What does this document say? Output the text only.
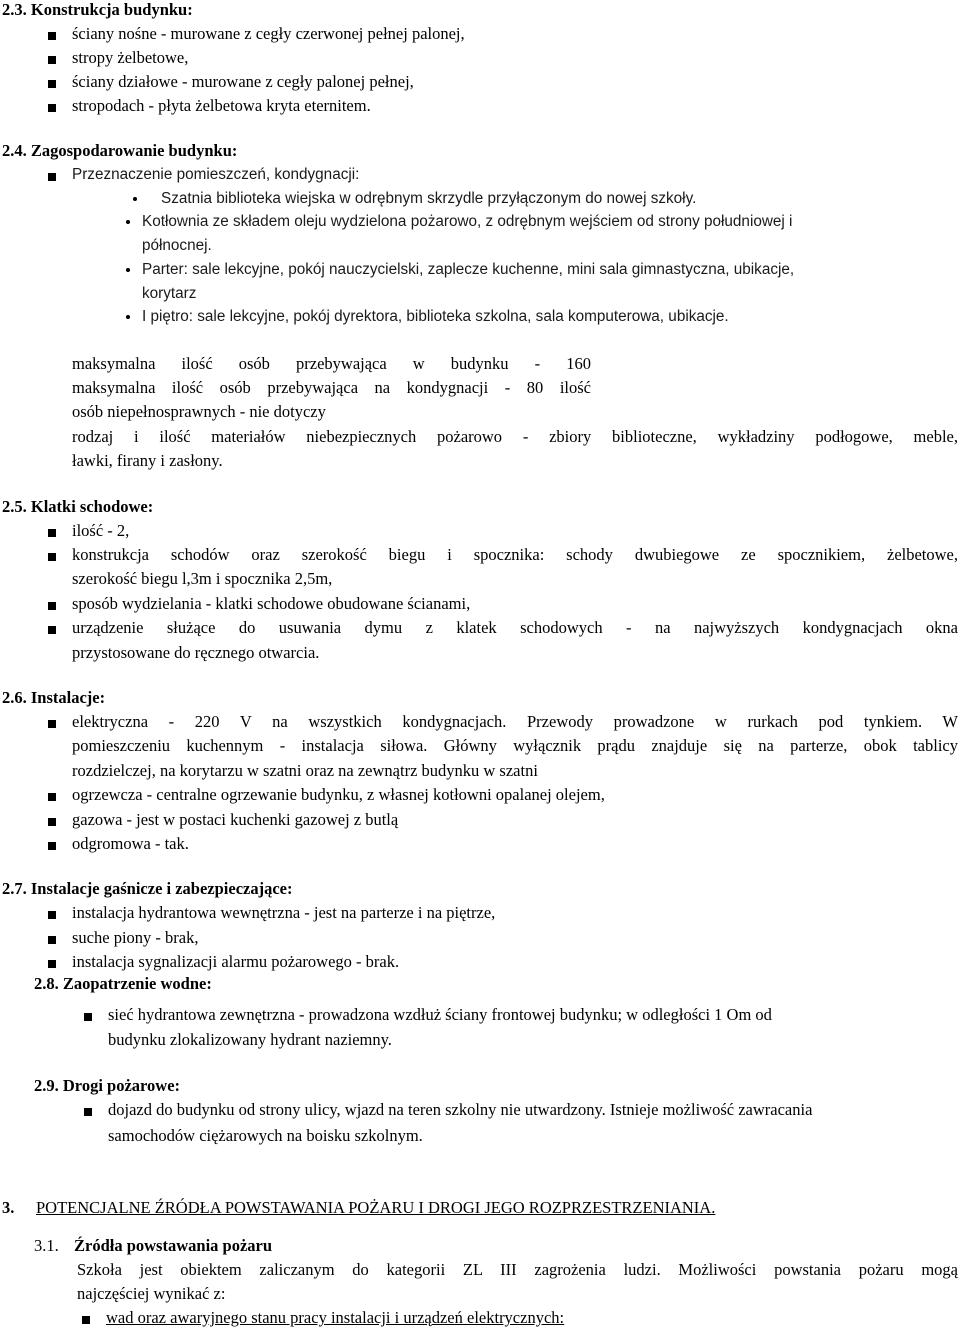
2.3. Konstrukcja budynku:
ściany nośne - murowane z cegły czerwonej pełnej palonej,
stropy żelbetowe,
ściany działowe - murowane z cegły palonej pełnej,
stropodach - płyta żelbetowa kryta eternitem.
2.4. Zagospodarowanie budynku:
Przeznaczenie pomieszczeń, kondygnacji:
Szatnia biblioteka wiejska w odrębnym skrzydle przyłączonym do nowej szkoły.
Kotłownia ze składem oleju wydzielona pożarowo, z odrębnym wejściem od strony południowej i
północnej.
Parter: sale lekcyjne, pokój nauczycielski, zaplecze kuchenne, mini sala gimnastyczna, ubikacje,
korytarz
I piętro: sale lekcyjne, pokój dyrektora, biblioteka szkolna, sala komputerowa, ubikacje.
maksymalna ilość osób przebywająca w budynku - 160
maksymalna ilość osób przebywająca na kondygnacji - 80 ilość
osób niepełnosprawnych - nie dotyczy
rodzaj i ilość materiałów niebezpiecznych pożarowo - zbiory biblioteczne, wykładziny podłogowe, meble,
ławki, firany i zasłony.
2.5. Klatki schodowe:
ilość - 2,
konstrukcja schodów oraz szerokość biegu i spocznika: schody dwubiegowe ze spocznikiem, żelbetowe,
szerokość biegu l,3m i spocznika 2,5m,
sposób wydzielania - klatki schodowe obudowane ścianami,
urządzenie służące do usuwania dymu z klatek schodowych - na najwyższych kondygnacjach okna
przystosowane do ręcznego otwarcia.
2.6. Instalacje:
elektryczna - 220 V na wszystkich kondygnacjach. Przewody prowadzone w rurkach pod tynkiem. W
pomieszczeniu kuchennym - instalacja siłowa. Główny wyłącznik prądu znajduje się na parterze, obok tablicy
rozdzielczej, na korytarzu w szatni oraz na zewnątrz budynku w szatni
ogrzewcza - centralne ogrzewanie budynku, z własnej kotłowni opalanej olejem,
gazowa - jest w postaci kuchenki gazowej z butlą
odgromowa - tak.
2.7. Instalacje gaśnicze i zabezpieczające:
instalacja hydrantowa wewnętrzna - jest na parterze i na piętrze,
suche piony - brak,
instalacja sygnalizacji alarmu pożarowego - brak.
2.8. Zaopatrzenie wodne:
sieć hydrantowa zewnętrzna - prowadzona wzdłuż ściany frontowej budynku; w odległości 1 Om od
budynku zlokalizowany hydrant naziemny.
2.9. Drogi pożarowe:
dojazd do budynku od strony ulicy, wjazd na teren szkolny nie utwardzony. Istnieje możliwość zawracania
samochodów ciężarowych na boisku szkolnym.
3. POTENCJALNE ŹRÓDŁA POWSTAWANIA POŻARU I DROGI JEGO ROZPRZESTRZENIANIA.
3.1. Źródła powstawania pożaru
Szkoła jest obiektem zaliczanym do kategorii ZL III zagrożenia ludzi. Możliwości powstania pożaru mogą
najczęściej wynikać z:
wad oraz awaryjnego stanu pracy instalacji i urządzeń elektrycznych:
